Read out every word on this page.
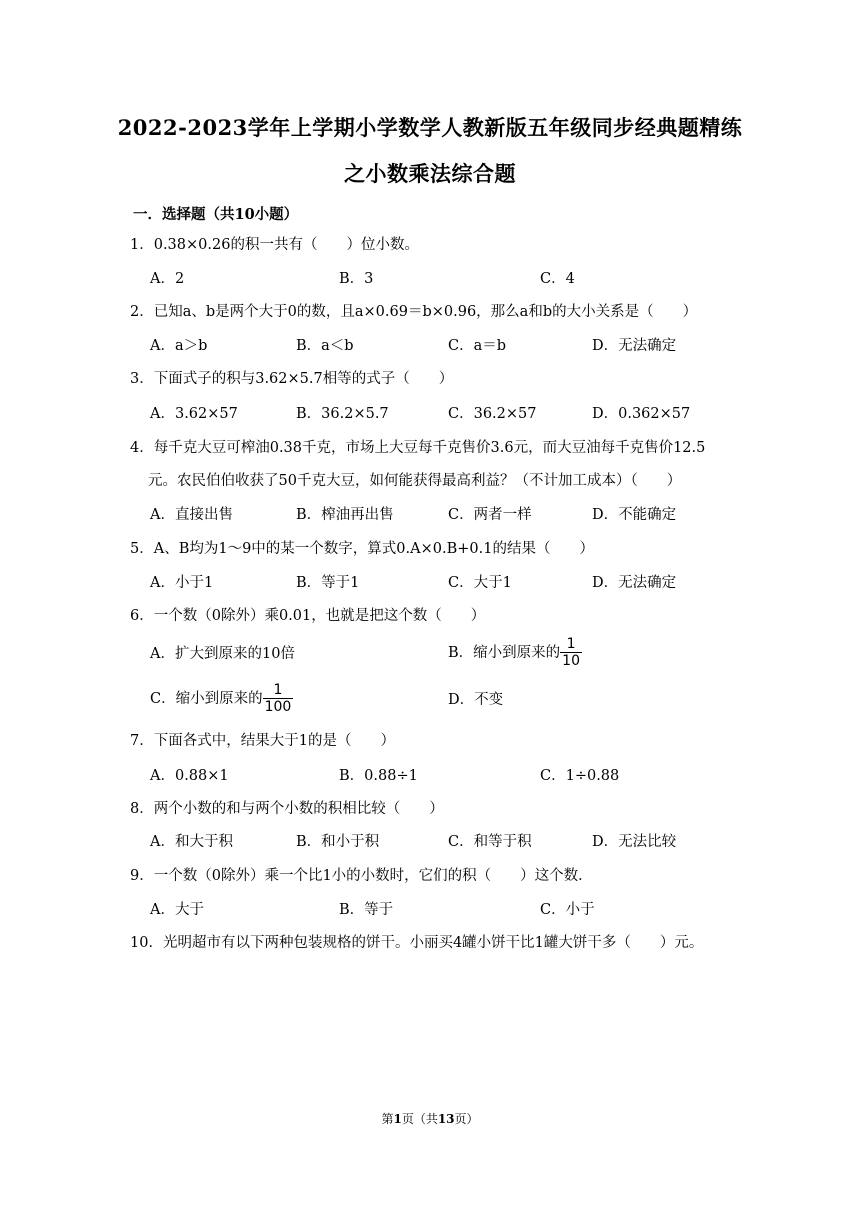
2022-2023学年上学期小学数学人教新版五年级同步经典题精练
之小数乘法综合题
一．选择题（共10小题）
1．0.38×0.26的积一共有（　　）位小数。
A．2	B．3	C．4
2．已知a、b是两个大于0的数，且a×0.69＝b×0.96，那么a和b的大小关系是（　　）
A．a＞b	B．a＜b	C．a＝b	D．无法确定
3．下面式子的积与3.62×5.7相等的式子（　　）
A．3.62×57	B．36.2×5.7	C．36.2×57	D．0.362×57
4．每千克大豆可榨油0.38千克，市场上大豆每千克售价3.6元，而大豆油每千克售价12.5
元。农民伯伯收获了50千克大豆，如何能获得最高利益？（不计加工成本）（　　）
A．直接出售	B．榨油再出售	C．两者一样	D．不能确定
5．A、B均为1～9中的某一个数字，算式0.A×0.B+0.1的结果（　　）
A．小于1	B．等于1	C．大于1	D．无法确定
6．一个数（0除外）乘0.01，也就是把这个数（　　）
A．扩大到原来的10倍	B．缩小到原来的 $\frac{1}{10}$
C．缩小到原来的 $\frac{1}{100}$	D．不变
7．下面各式中，结果大于1的是（　　）
A．0.88×1	B．0.88÷1	C．1÷0.88
8．两个小数的和与两个小数的积相比较（　　）
A．和大于积	B．和小于积	C．和等于积	D．无法比较
9．一个数（0除外）乘一个比1小的小数时，它们的积（　　）这个数．
A．大于	B．等于	C．小于
10．光明超市有以下两种包装规格的饼干。小丽买4罐小饼干比1罐大饼干多（　　）元。
第1页（共13页）
